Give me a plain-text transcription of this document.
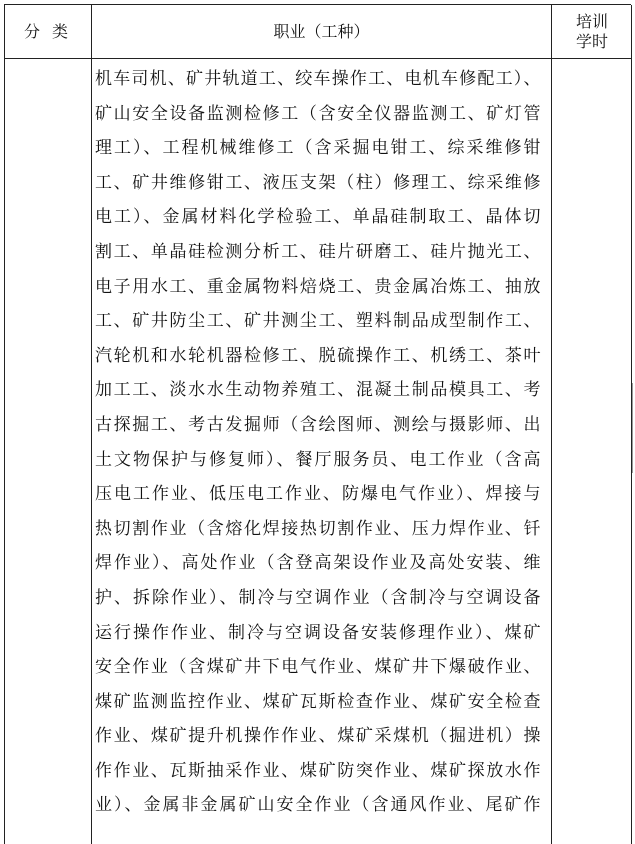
分类	职业（工种）
培训
学时
机车司机、矿井轨道工、绞车操作工、电机车修配工）、
矿山安全设备监测检修工（含安全仪器监测工、矿灯管
理工）、工程机械维修工（含采掘电钳工、综采维修钳
工、矿井维修钳工、液压支架（柱）修理工、综采维修
电工）、金属材料化学检验工、单晶硅制取工、晶体切
割工、单晶硅检测分析工、硅片研磨工、硅片抛光工、
电子用水工、重金属物料焙烧工、贵金属冶炼工、抽放
工、矿井防尘工、矿井测尘工、塑料制品成型制作工、
汽轮机和水轮机器检修工、脱硫操作工、机绣工、茶叶
加工工、淡水水生动物养殖工、混凝土制品模具工、考
古探掘工、考古发掘师（含绘图师、测绘与摄影师、出
土文物保护与修复师）、餐厅服务员、电工作业（含高
压电工作业、低压电工作业、防爆电气作业）、焊接与
热切割作业（含熔化焊接热切割作业、压力焊作业、钎
焊作业）、高处作业（含登高架设作业及高处安装、维
护、拆除作业）、制冷与空调作业（含制冷与空调设备
运行操作作业、制冷与空调设备安装修理作业）、煤矿
安全作业（含煤矿井下电气作业、煤矿井下爆破作业、
煤矿监测监控作业、煤矿瓦斯检查作业、煤矿安全检查
作业、煤矿提升机操作作业、煤矿采煤机（掘进机）操
作作业、瓦斯抽采作业、煤矿防突作业、煤矿探放水作
业）、金属非金属矿山安全作业（含通风作业、尾矿作
